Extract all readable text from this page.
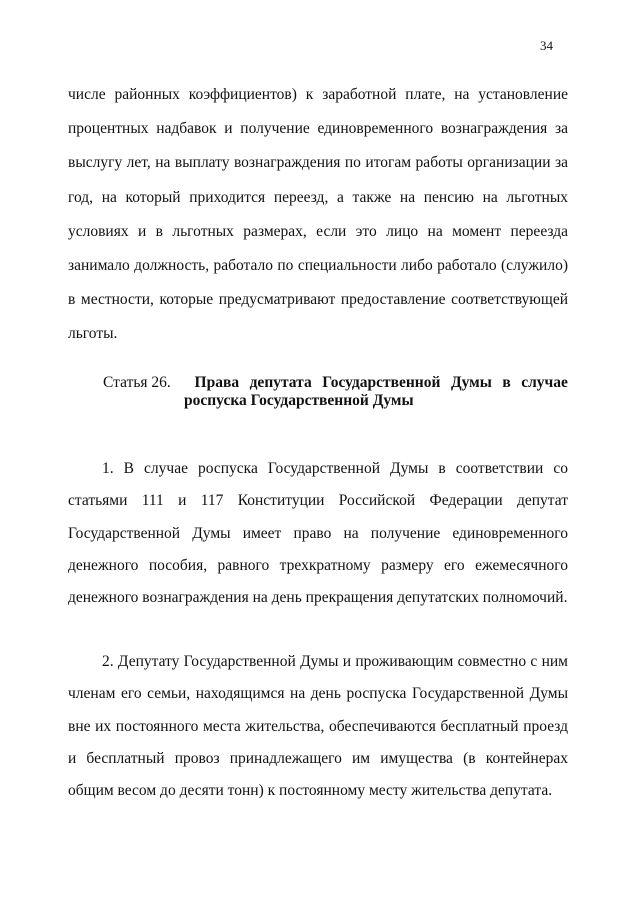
34
числе районных коэффициентов) к заработной плате, на установление процентных надбавок и получение единовременного вознаграждения за выслугу лет, на выплату вознаграждения по итогам работы организации за год, на который приходится переезд, а также на пенсию на льготных условиях и в льготных размерах, если это лицо на момент переезда занимало должность, работало по специальности либо работало (служило) в местности, которые предусматривают предоставление соответствующей льготы.
Статья 26.	Права депутата Государственной Думы в случае
роспуска Государственной Думы
1. В случае роспуска Государственной Думы в соответствии со статьями 111 и 117 Конституции Российской Федерации депутат Государственной Думы имеет право на получение единовременного денежного пособия, равного трехкратному размеру его ежемесячного денежного вознаграждения на день прекращения депутатских полномочий.
2. Депутату Государственной Думы и проживающим совместно с ним членам его семьи, находящимся на день роспуска Государственной Думы вне их постоянного места жительства, обеспечиваются бесплатный проезд и бесплатный провоз принадлежащего им имущества (в контейнерах общим весом до десяти тонн) к постоянному месту жительства депутата.
